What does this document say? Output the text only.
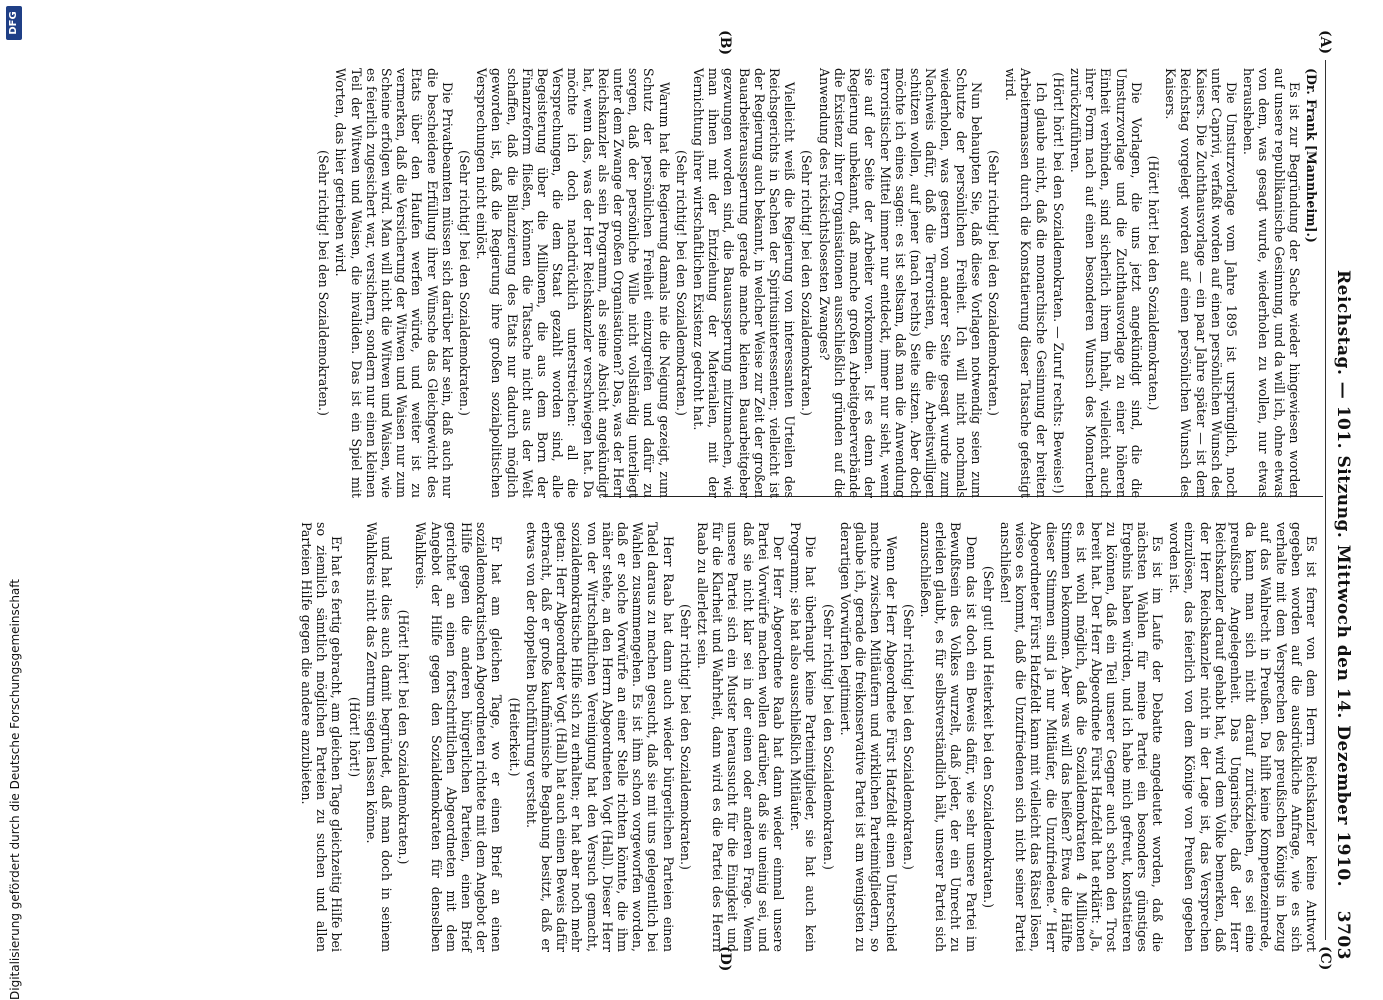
Reichstag. — 101. Sitzung. Mittwoch den 14. Dezember 1910.
3703
(A)
(B)
(C)
(D)

(Dr. Frank [Mannheim].)

Es ist zur Begründung der Sache wieder hingewiesen worden auf unsere republikanische Gesinnung, und da will ich, ohne etwas von dem, was gesagt wurde, wiederholen zu wollen, nur etwas herausheben.

Die Umsturzvorlage vom Jahre 1895 ist ursprünglich, noch unter Caprivi, verfaßt worden auf einen persönlichen Wunsch des Kaisers. Die Zuchthausvorlage — ein paar Jahre später — ist dem Reichstag vorgelegt worden auf einen persönlichen Wunsch des Kaisers.

(Hört! hört! bei den Sozialdemokraten.)

Die Vorlagen, die uns jetzt angekündigt sind, die die Umsturzvorlage und die Zuchthausvorlage zu einer höheren Einheit verbinden, sind sicherlich ihrem Inhalt, vielleicht auch ihrer Form nach auf einen besonderen Wunsch des Monarchen zurückzuführen.

(Hört! hört! bei den Sozialdemokraten. — Zuruf rechts: Beweise!)

Ich glaube nicht, daß die monarchische Gesinnung der breiten Arbeitermassen durch die Konstatierung dieser Tatsache gefestigt wird.

(Sehr richtig! bei den Sozialdemokraten.)

Nun behaupten Sie, daß diese Vorlagen notwendig seien zum Schutze der persönlichen Freiheit. Ich will nicht nochmals wiederholen, was gestern von anderer Seite gesagt wurde zum Nachweis dafür, daß die Terroristen, die die Arbeitswilligen schützen wollen, auf jener (nach rechts) Seite sitzen. Aber doch möchte ich eines sagen: es ist seltsam, daß man die Anwendung terroristischer Mittel immer nur entdeckt, immer nur sieht, wenn sie auf der Seite der Arbeiter vorkommen. Ist es denn der Regierung unbekannt, daß manche großen Arbeitgeberverbände die Existenz ihrer Organisationen ausschließlich gründen auf die Anwendung des rücksichtslosesten Zwanges?

(Sehr richtig! bei den Sozialdemokraten.)

Vielleicht weiß die Regierung von interessanten Urteilen des Reichsgerichts in Sachen der Spiritusinteressenten; vielleicht ist der Regierung auch bekannt, in welcher Weise zur Zeit der großen Bauarbeiteraussperrung gerade manche kleinen Bauarbeitgeber gezwungen worden sind, die Bauaussperrung mitzumachen, wie man ihnen mit der Entziehung der Materialien, mit der Vernichtung ihrer wirtschaftlichen Existenz gedroht hat.

(Sehr richtig! bei den Sozialdemokraten.)

Warum hat die Regierung damals nie die Neigung gezeigt, zum Schutz der persönlichen Freiheit einzugreifen und dafür zu sorgen, daß der persönliche Wille nicht vollständig unterliegt unter dem Zwange der großen Organisationen? Das, was der Herr Reichskanzler als sein Programm, als seine Absicht angekündigt hat, wenn das, was der Herr Reichskanzler verschwiegen hat. Da möchte ich doch nachdrücklich unterstreichen: all die Versprechungen, die dem Staat gezahlt worden sind, alle Begeisterung über die Millionen, die aus dem Born der Finanzreform fließen, können die Tatsache nicht aus der Welt schaffen, daß die Bilanzierung des Etats nur dadurch möglich geworden ist, daß die Regierung ihre großen sozialpolitischen Versprechungen nicht einlöst.

(Sehr richtig! bei den Sozialdemokraten.)

Die Privatbeamten müssen sich darüber klar sein, daß auch nur die bescheidene Erfüllung ihrer Wünsche das Gleichgewicht des Etats über den Haufen werfen würde, und weiter ist zu vermerken, daß die Versicherung der Witwen und Waisen nur zum Scheine erfolgen wird. Man will nicht die Witwen und Waisen, wie es feierlich zugesichert war, versichern, sondern nur einen kleinen Teil der Witwen und Waisen, die invaliden. Das ist ein Spiel mit Worten, das hier getrieben wird.

(Sehr richtig! bei den Sozialdemokraten.)

Es ist ferner von dem Herrn Reichskanzler keine Antwort gegeben worden auf die ausdrückliche Anfrage, wie es sich verhalte mit dem Versprechen des preußischen Königs in bezug auf das Wahlrecht in Preußen. Da hilft keine Kompetenzeinrede, da kann man sich nicht darauf zurückziehen, es sei eine preußische Angelegenheit. Das Ungarische, daß der Herr Reichskanzler darauf gehabt hat, wird dem Volke bemerken, daß der Herr Reichskanzler nicht in der Lage ist, das Versprechen einzulösen, das feierlich von dem Könige von Preußen gegeben worden ist.

Es ist im Laufe der Debatte angedeutet worden, daß die nächsten Wahlen für meine Partei ein besonders günstiges Ergebnis haben würden, und ich habe mich gefreut, konstatieren zu können, daß ein Teil unserer Gegner auch schon den Trost bereit hat. Der Herr Abgeordnete Fürst Hatzfeldt hat erklärt: „Ja, es ist wohl möglich, daß die Sozialdemokraten 4 Millionen Stimmen bekommen. Aber was will das heißen? Etwa die Hälfte dieser Stimmen sind ja nur Mitläufer, die Unzufriedene.“ Herr Abgeordneter Fürst Hatzfeldt kann mit vielleicht das Rätsel lösen, wieso es kommt, daß die Unzufriedenen sich nicht seiner Partei anschließen!

(Sehr gut! und Heiterkeit bei den Sozialdemokraten.)

Denn das ist doch ein Beweis dafür, wie sehr unsere Partei im Bewußtsein des Volkes wurzelt, daß jeder, der ein Unrecht zu erleiden glaubt, es für selbstverständlich hält, unserer Partei sich anzuschließen.

(Sehr richtig! bei den Sozialdemokraten.)

Wenn der Herr Abgeordnete Fürst Hatzfeldt einen Unterschied machte zwischen Mitläufern und wirklichen Parteimitgliedern, so glaube ich, gerade die freikonservative Partei ist am wenigsten zu derartigen Vorwürfen legitimiert.

(Sehr richtig! bei den Sozialdemokraten.)

Die hat überhaupt keine Parteimitglieder, sie hat auch kein Programm; sie hat also ausschließlich Mitläufer.

Der Herr Abgeordnete Raab hat dann wieder einmal unsere Partei Vorwürfe machen wollen darüber, daß sie uneinig sei, und daß sie nicht klar sei in der einen oder anderen Frage. Wenn unsere Partei sich ein Muster heraussucht für die Einigkeit und für die Klarheit und Wahrheit, dann wird es die Partei des Herrn Raab zu allerletzt sein.

(Sehr richtig! bei den Sozialdemokraten.)

Herr Raab hat dann auch wieder bürgerlichen Parteien einen Tadel daraus zu machen gesucht, daß sie mit uns gelegentlich bei Wahlen zusammengehen. Es ist ihm schon vorgeworfen worden, daß er solche Vorwürfe an einer Stelle richten könnte, die ihm näher stehe, an den Herrn Abgeordneten Vogt (Hall). Dieser Herr von der Wirtschaftlichen Vereinigung hat den Versuch gemacht, sozialdemokratische Hilfe sich zu erhalten; er hat aber noch mehr getan: Herr Abgeordneter Vogt (Hall) hat auch einen Beweis dafür erbracht, daß er große kaufmännische Begabung besitzt, daß er etwas von der doppelten Buchführung versteht.

(Heiterkeit.)

Er hat am gleichen Tage, wo er einen Brief an einen sozialdemokratischen Abgeordneten richtete mit dem Angebot der Hilfe gegen die anderen bürgerlichen Parteien, einen Brief gerichtet an einen fortschrittlichen Abgeordneten mit dem Angebot der Hilfe gegen den Sozialdemokraten für denselben Wahlkreis.

(Hört! hört! bei den Sozialdemokraten.)

und hat dies auch damit begründet, daß man doch in seinem Wahlkreis nicht das Zentrum siegen lassen könne.

(Hört! hört!)

Er hat es fertig gebracht, am gleichen Tage gleichzeitig Hilfe bei so ziemlich sämtlich möglichen Parteien zu suchen und allen Parteien Hilfe gegen die andere anzubieten.

Digitalisierung gefördert durch die Deutsche Forschungsgemeinschaft
DFG
